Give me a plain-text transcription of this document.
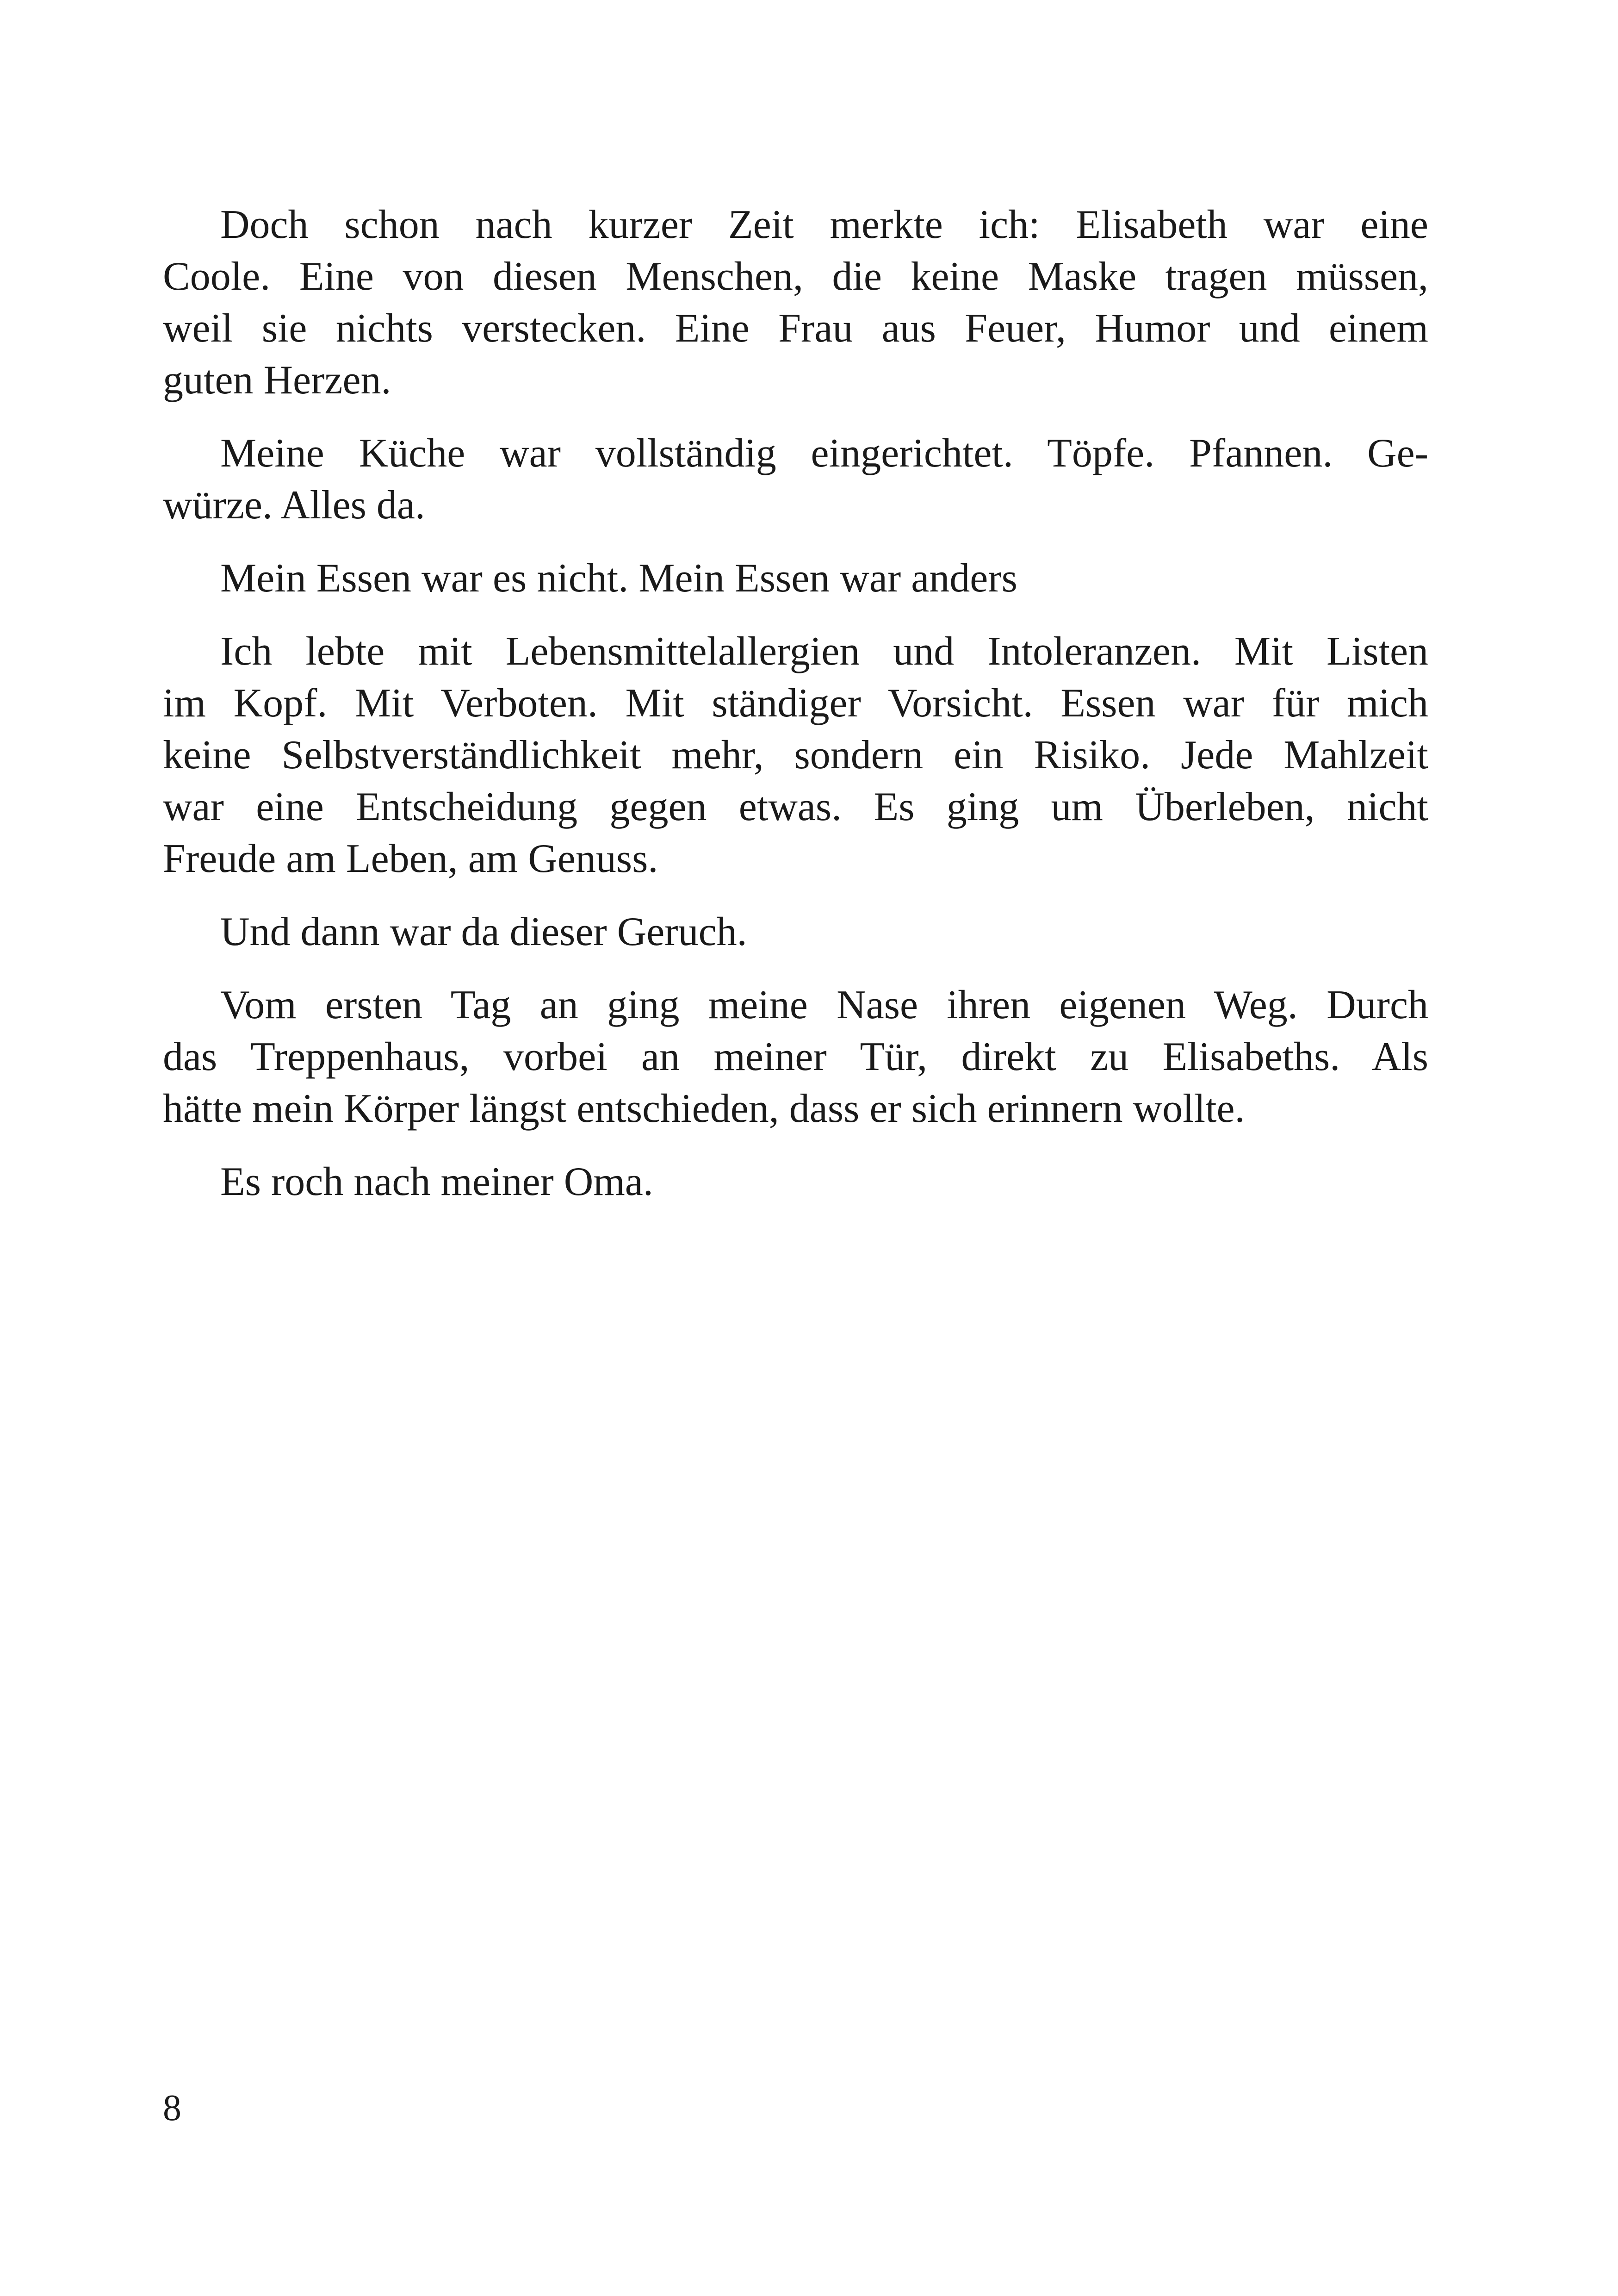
Doch schon nach kurzer Zeit merkte ich: Elisabeth war eine
Coole. Eine von diesen Menschen, die keine Maske tragen müssen,
weil sie nichts verstecken. Eine Frau aus Feuer, Humor und einem
guten Herzen.

Meine Küche war vollständig eingerichtet. Töpfe. Pfannen. Ge-
würze. Alles da.

Mein Essen war es nicht. Mein Essen war anders

Ich lebte mit Lebensmittelallergien und Intoleranzen. Mit Listen
im Kopf. Mit Verboten. Mit ständiger Vorsicht. Essen war für mich
keine Selbstverständlichkeit mehr, sondern ein Risiko. Jede Mahlzeit
war eine Entscheidung gegen etwas. Es ging um Überleben, nicht
Freude am Leben, am Genuss.

Und dann war da dieser Geruch.

Vom ersten Tag an ging meine Nase ihren eigenen Weg. Durch
das Treppenhaus, vorbei an meiner Tür, direkt zu Elisabeths. Als
hätte mein Körper längst entschieden, dass er sich erinnern wollte.

Es roch nach meiner Oma.

8
